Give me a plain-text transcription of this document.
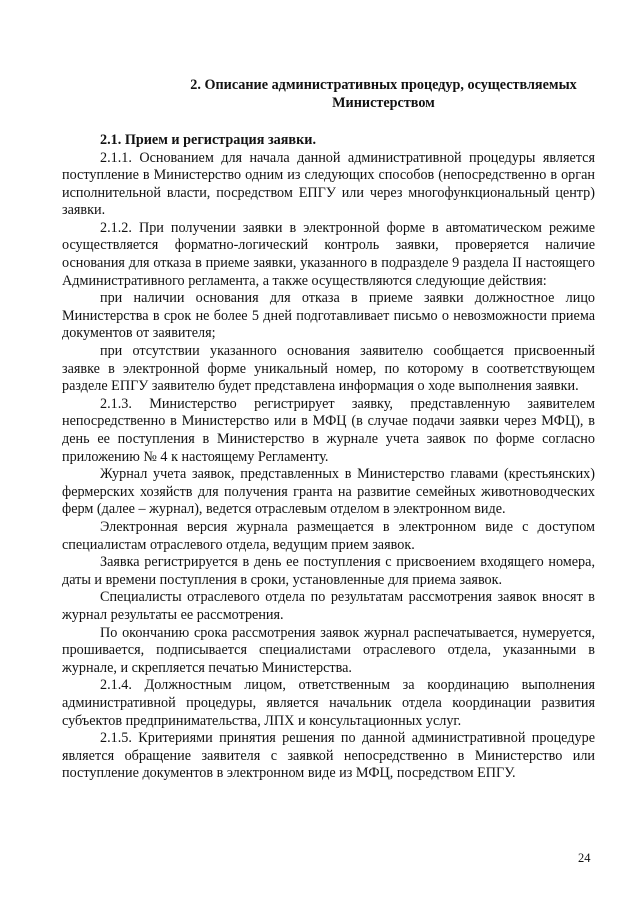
2. Описание административных процедур, осуществляемых
Министерством

2.1. Прием и регистрация заявки.

2.1.1. Основанием для начала данной административной процедуры является поступление в Министерство одним из следующих способов (непосредственно в орган исполнительной власти, посредством ЕПГУ или через многофункциональный центр) заявки.

2.1.2. При получении заявки в электронной форме в автоматическом режиме осуществляется форматно-логический контроль заявки, проверяется наличие основания для отказа в приеме заявки, указанного в подразделе 9 раздела II настоящего Административного регламента, а также осуществляются следующие действия:

при наличии основания для отказа в приеме заявки должностное лицо Министерства в срок не более 5 дней подготавливает письмо о невозможности приема документов от заявителя;

при отсутствии указанного основания заявителю сообщается присвоенный заявке в электронной форме уникальный номер, по которому в соответствующем разделе ЕПГУ заявителю будет представлена информация о ходе выполнения заявки.

2.1.3. Министерство регистрирует заявку, представленную заявителем непосредственно в Министерство или в МФЦ (в случае подачи заявки через МФЦ), в день ее поступления в Министерство в журнале учета заявок по форме согласно приложению № 4 к настоящему Регламенту.

Журнал учета заявок, представленных в Министерство главами (крестьянских) фермерских хозяйств для получения гранта на развитие семейных животноводческих ферм (далее – журнал), ведется отраслевым отделом в электронном виде.

Электронная версия журнала размещается в электронном виде с доступом специалистам отраслевого отдела, ведущим прием заявок.

Заявка регистрируется в день ее поступления с присвоением входящего номера, даты и времени поступления в сроки, установленные для приема заявок.

Специалисты отраслевого отдела по результатам рассмотрения заявок вносят в журнал результаты ее рассмотрения.

По окончанию срока рассмотрения заявок журнал распечатывается, нумеруется, прошивается, подписывается специалистами отраслевого отдела, указанными в журнале, и скрепляется печатью Министерства.

2.1.4. Должностным лицом, ответственным за координацию выполнения административной процедуры, является начальник отдела координации развития субъектов предпринимательства, ЛПХ и консультационных услуг.

2.1.5. Критериями принятия решения по данной административной процедуре является обращение заявителя с заявкой непосредственно в Министерство или поступление документов в электронном виде из МФЦ, посредством ЕПГУ.

24
